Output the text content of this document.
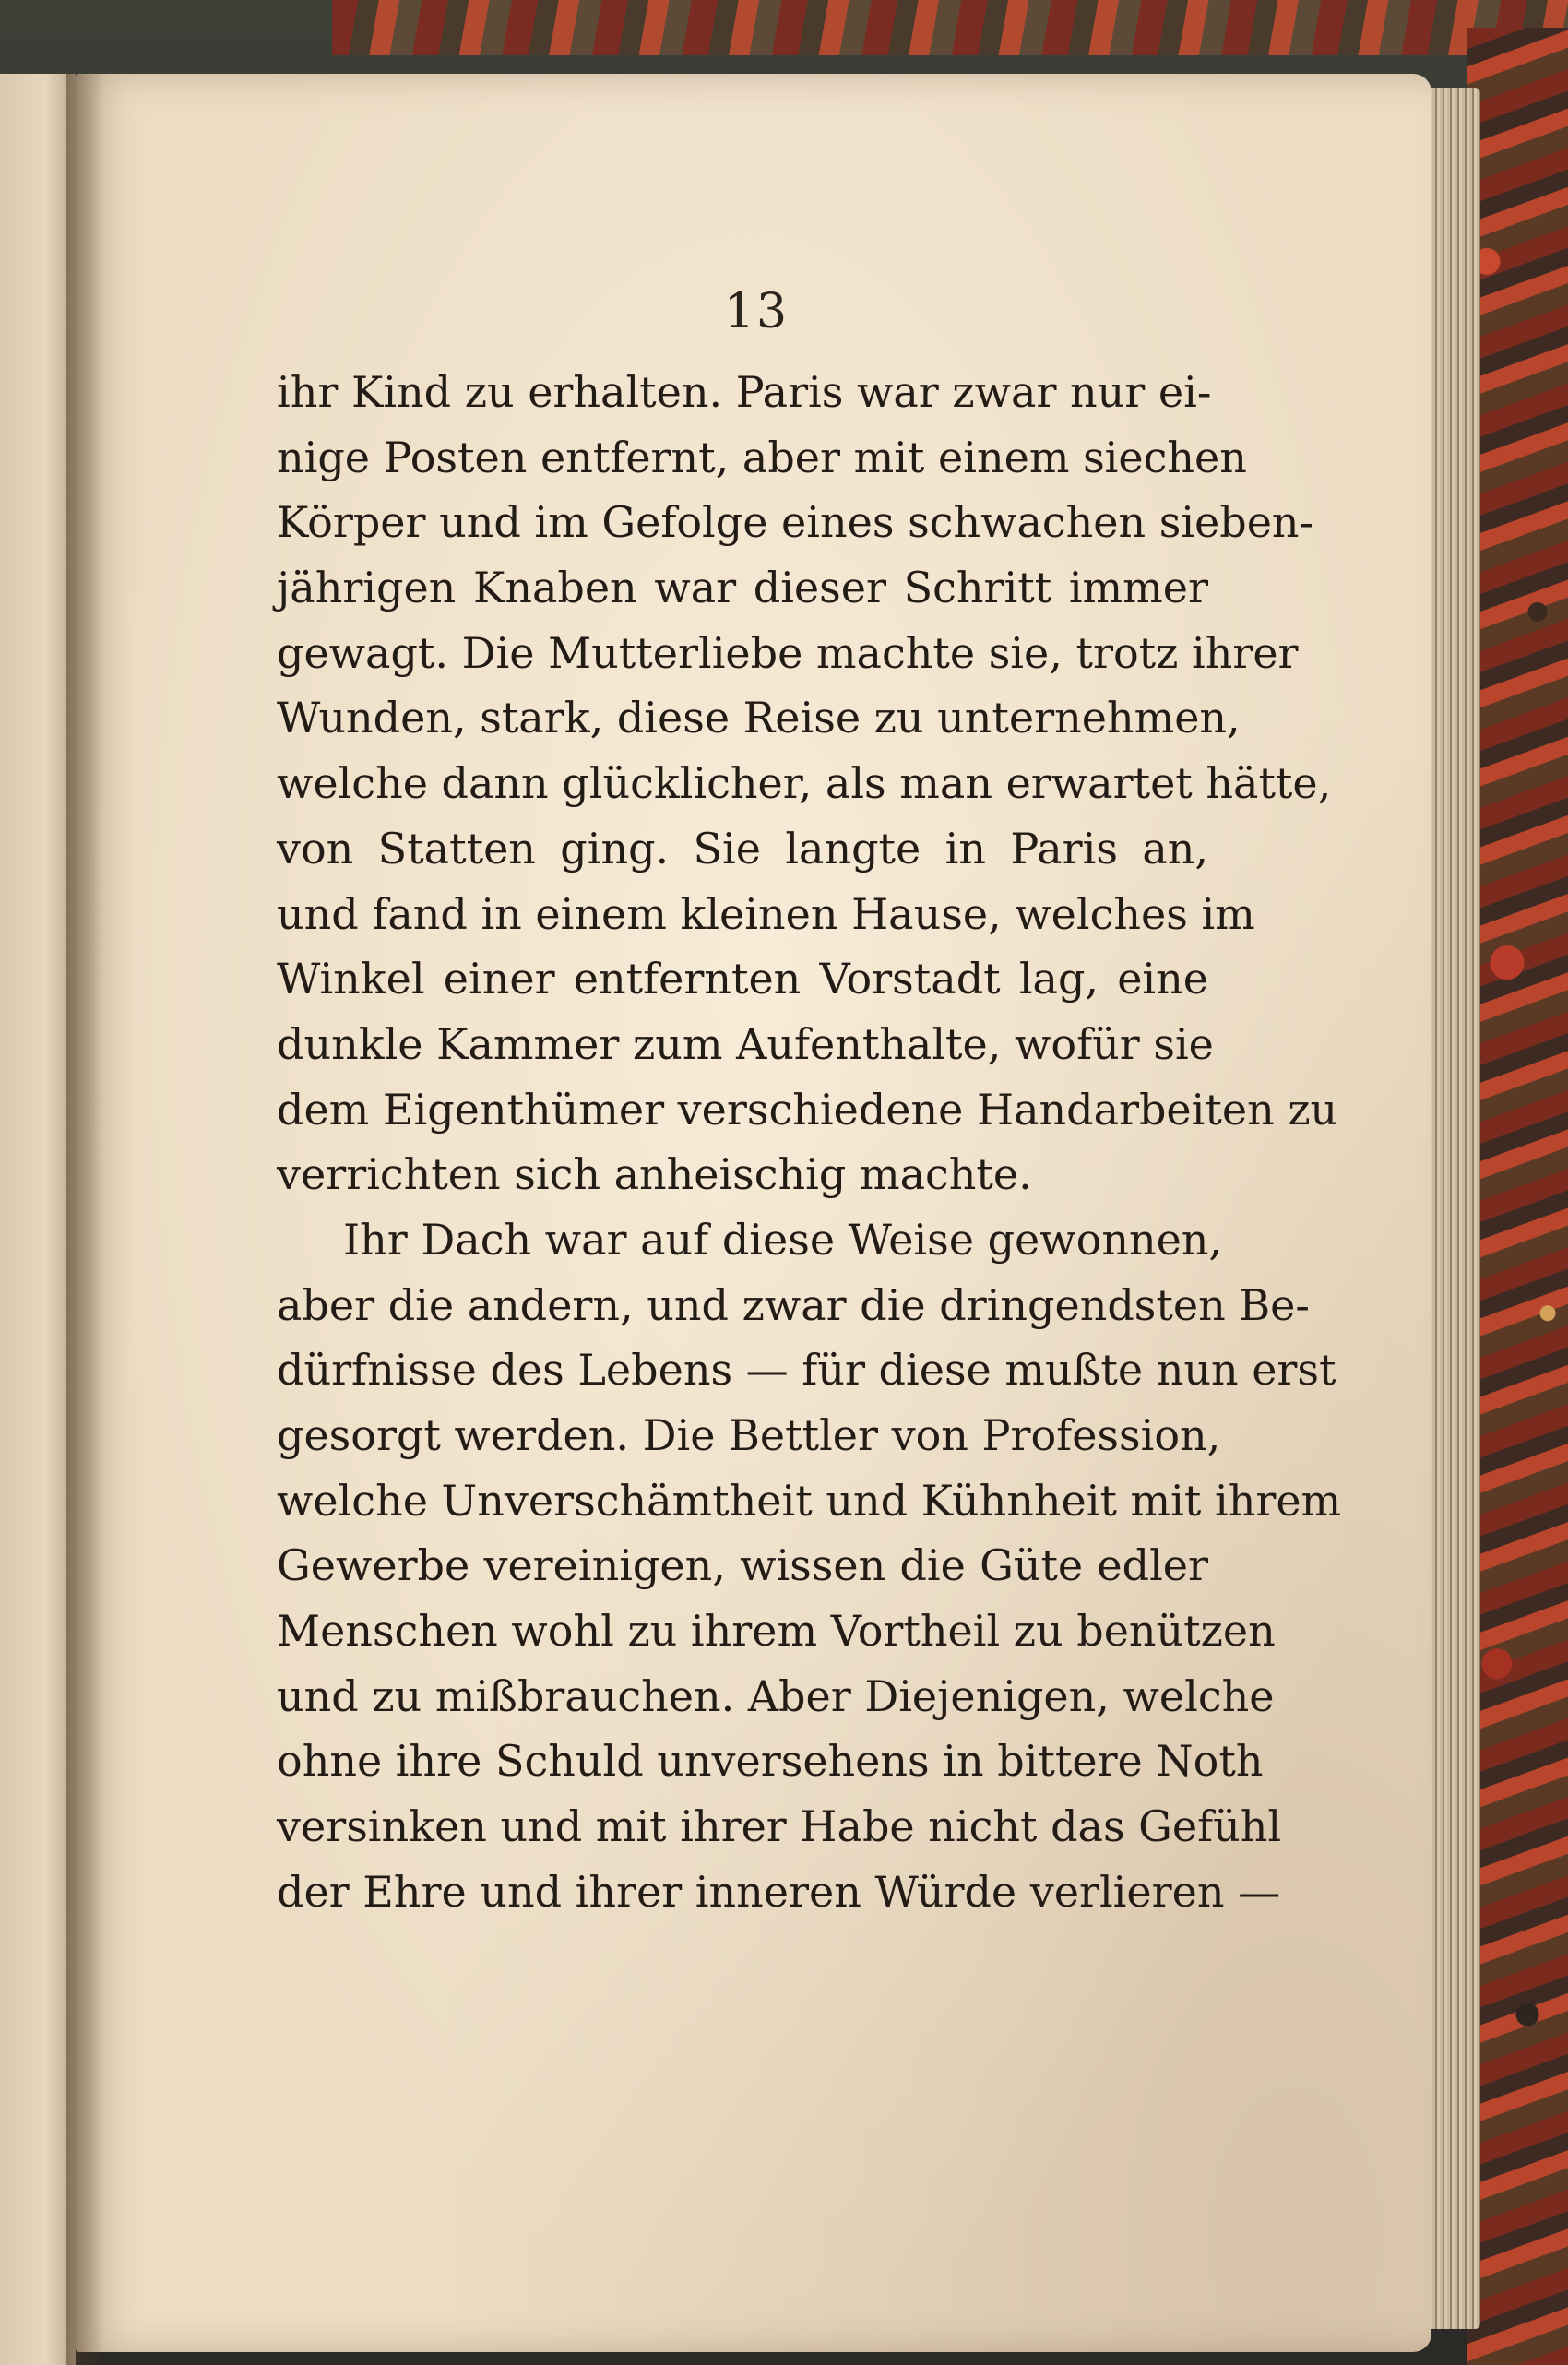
13
ihr Kind zu erhalten. Paris war zwar nur ei-
nige Posten entfernt, aber mit einem siechen
Körper und im Gefolge eines schwachen sieben-
jährigen Knaben war dieser Schritt immer
gewagt. Die Mutterliebe machte sie, trotz ihrer
Wunden, stark, diese Reise zu unternehmen,
welche dann glücklicher, als man erwartet hätte,
von Statten ging. Sie langte in Paris an,
und fand in einem kleinen Hause, welches im
Winkel einer entfernten Vorstadt lag, eine
dunkle Kammer zum Aufenthalte, wofür sie
dem Eigenthümer verschiedene Handarbeiten zu
verrichten sich anheischig machte.
Ihr Dach war auf diese Weise gewonnen,
aber die andern, und zwar die dringendsten Be-
dürfnisse des Lebens — für diese mußte nun erst
gesorgt werden. Die Bettler von Profession,
welche Unverschämtheit und Kühnheit mit ihrem
Gewerbe vereinigen, wissen die Güte edler
Menschen wohl zu ihrem Vortheil zu benützen
und zu mißbrauchen. Aber Diejenigen, welche
ohne ihre Schuld unversehens in bittere Noth
versinken und mit ihrer Habe nicht das Gefühl
der Ehre und ihrer inneren Würde verlieren —
